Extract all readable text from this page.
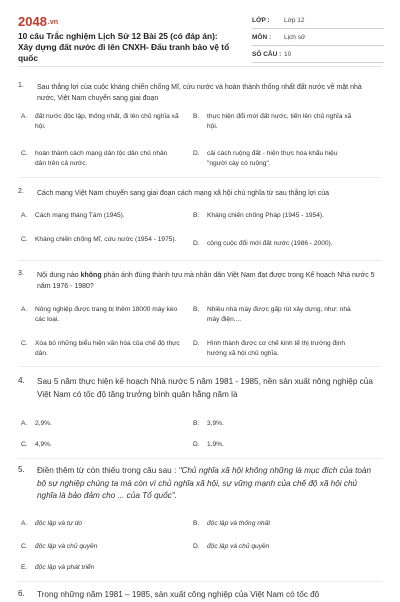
2048.vn
10 câu Trắc nghiệm Lịch Sử 12 Bài 25 (có đáp án): Xây dựng đất nước đi lên CNXH- Đấu tranh bảo vệ tổ quốc
LỚP : Lớp 12
MÔN : Lịch sử
SỐ CÂU : 10
1.	Sau thắng lợi của cuộc kháng chiến chống Mĩ, cứu nước và hoàn thành thống nhất đất nước về mặt nhà nước, Việt Nam chuyển sang giai đoạn
A. đất nước độc lập, thống nhất, đi lên chủ nghĩa xã hội.
B. thực hiện đổi mới đất nước, tiến lên chủ nghĩa xã hội.
C. hoàn thành cách mạng dân tộc dân chủ nhân dân trên cả nước.
D. cải cách ruộng đất - hiện thực hóa khẩu hiệu "người cày có ruộng".
2.	Cách mạng Việt Nam chuyển sang giai đoạn cách mạng xã hội chủ nghĩa từ sau thắng lợi của
A. Cách mạng tháng Tám (1945).	B. Kháng chiến chống Pháp (1945 - 1954).
C. Kháng chiến chống Mĩ, cứu nước (1954 - 1975).
D. công cuộc đổi mới đất nước (1986 - 2000).
3.	Nội dung nào không phản ánh đúng thành tựu mà nhân dân Việt Nam đạt được trong Kế hoạch Nhà nước 5 năm 1976 - 1980?
A. Nông nghiệp được trang bị thêm 18000 máy kéo các loại.
B. Nhiều nhà máy được gấp rút xây dựng, như: nhà máy điện....
C. Xóa bỏ những biểu hiện văn hóa của chế độ thực dân.
D. Hình thành được cơ chế kinh tế thị trường định hướng xã hội chủ nghĩa.
4.	Sau 5 năm thực hiện kế hoạch Nhà nước 5 năm 1981 - 1985, nền sản xuất nông nghiệp của Việt Nam có tốc độ tăng trưởng bình quân hằng năm là
A. 2,9%.	B. 3,9%.
C. 4,9%.	D. 1,9%.
5.	Điền thêm từ còn thiếu trong câu sau : "Chủ nghĩa xã hội không những là mục đích của toàn bộ sự nghiệp chúng ta mà còn vì chủ nghĩa xã hội, sự vững mạnh của chế độ xã hội chủ nghĩa là bảo đảm cho ... của Tổ quốc".
A. độc lập và tự do	B. độc lập và thống nhất
C. độc lập và chủ quyền	D. độc lập và chủ quyền
E. độc lập và phát triển
6.	Trong những năm 1981 – 1985, sản xuất công nghiệp của Việt Nam có tốc độ
